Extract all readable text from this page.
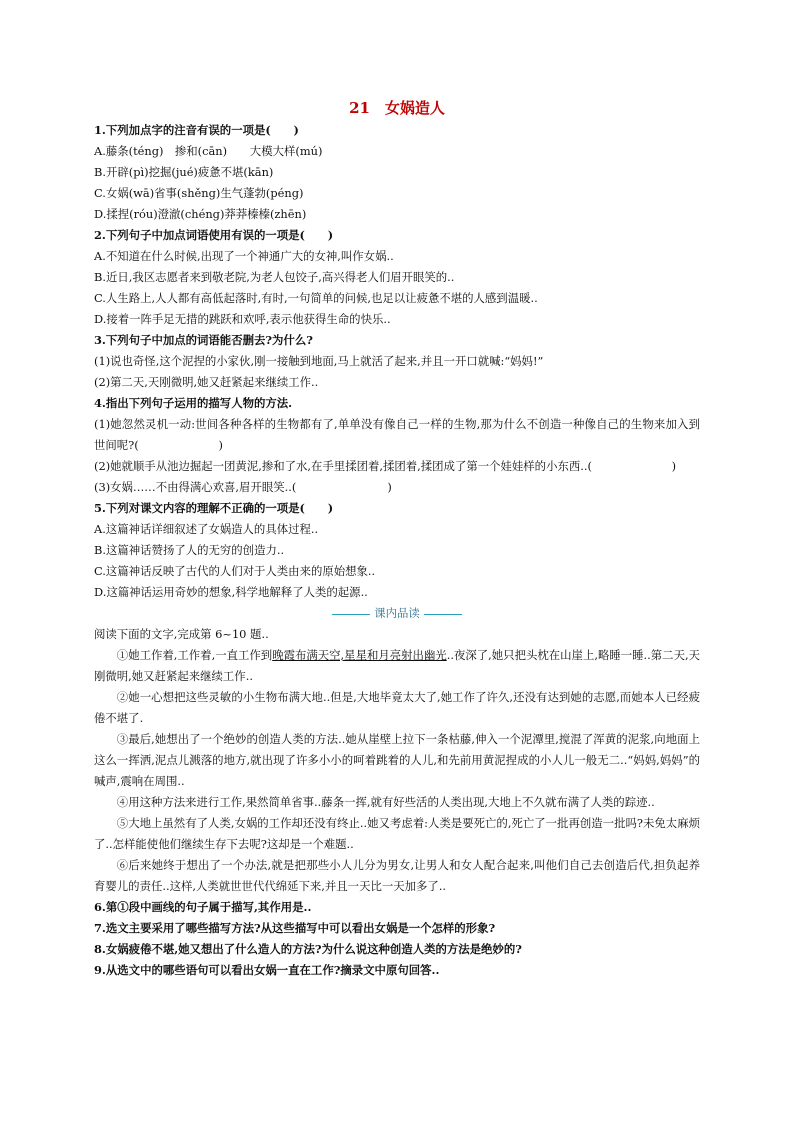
21　女娲造人
1.下列加点字的注音有误的一项是(　　)
A.藤条(téng)　掺和(cān)　　大模大样(mú)
B.开辟(pì)挖掘(jué)疲惫不堪(kān)
C.女娲(wā)省事(shěng)生气蓬勃(péng)
D.揉捏(róu)澄澈(chéng)莽莽榛榛(zhēn)
2.下列句子中加点词语使用有误的一项是(　　)
A.不知道在什么时候,出现了一个神通广大的女神,叫作女娲..
B.近日,我区志愿者来到敬老院,为老人包饺子,高兴得老人们眉开眼笑的..
C.人生路上,人人都有高低起落时,有时,一句简单的问候,也足以让疲惫不堪的人感到温暖..
D.接着一阵手足无措的跳跃和欢呼,表示他获得生命的快乐..
3.下列句子中加点的词语能否删去?为什么?
(1)说也奇怪,这个泥捏的小家伙,刚一接触到地面,马上就活了起来,并且一开口就喊:“妈妈!”
(2)第二天,天刚微明,她又赶紧起来继续工作..
4.指出下列句子运用的描写人物的方法.
(1)她忽然灵机一动:世间各种各样的生物都有了,单单没有像自己一样的生物,那为什么不创造一种像自己的生物来加入到世间呢?(　　　　　　　)
(2)她就顺手从池边掘起一团黄泥,掺和了水,在手里揉团着,揉团着,揉团成了第一个娃娃样的小东西..(　　　　　　　)
(3)女娲……不由得满心欢喜,眉开眼笑..(　　　　　　　　)
5.下列对课文内容的理解不正确的一项是(　　)
A.这篇神话详细叙述了女娲造人的具体过程..
B.这篇神话赞扬了人的无穷的创造力..
C.这篇神话反映了古代的人们对于人类由来的原始想象..
D.这篇神话运用奇妙的想象,科学地解释了人类的起源..
课内品读
阅读下面的文字,完成第 6~10 题..
①她工作着,工作着,一直工作到晚霞布满天空,星星和月亮射出幽光..夜深了,她只把头枕在山崖上,略睡一睡..第二天,天刚微明,她又赶紧起来继续工作..
②她一心想把这些灵敏的小生物布满大地..但是,大地毕竟太大了,她工作了许久,还没有达到她的志愿,而她本人已经疲倦不堪了.
③最后,她想出了一个绝妙的创造人类的方法..她从崖壁上拉下一条枯藤,伸入一个泥潭里,搅混了浑黄的泥浆,向地面上这么一挥洒,泥点儿溅落的地方,就出现了许多小小的呵着跳着的人儿,和先前用黄泥捏成的小人儿一般无二..“妈妈,妈妈”的喊声,震响在周围..
④用这种方法来进行工作,果然简单省事..藤条一挥,就有好些活的人类出现,大地上不久就布满了人类的踪迹..
⑤大地上虽然有了人类,女娲的工作却还没有终止..她又考虑着:人类是要死亡的,死亡了一批再创造一批吗?未免太麻烦了..怎样能使他们继续生存下去呢?这却是一个难题..
⑥后来她终于想出了一个办法,就是把那些小人儿分为男女,让男人和女人配合起来,叫他们自己去创造后代,担负起养育婴儿的责任..这样,人类就世世代代绵延下来,并且一天比一天加多了..
6.第①段中画线的句子属于描写,其作用是..
7.选文主要采用了哪些描写方法?从这些描写中可以看出女娲是一个怎样的形象?
8.女娲疲倦不堪,她又想出了什么造人的方法?为什么说这种创造人类的方法是绝妙的?
9.从选文中的哪些语句可以看出女娲一直在工作?摘录文中原句回答..
